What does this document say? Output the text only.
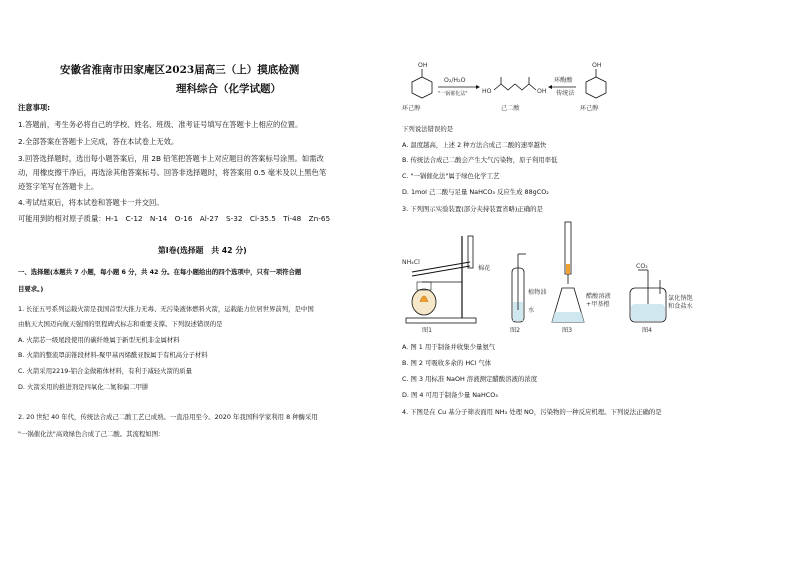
安徽省淮南市田家庵区2023届高三（上）摸底检测
理科综合（化学试题）
注意事项:
1.答题前，考生务必将自己的学校、姓名、班级、准考证号填写在答题卡上相应的位置。
2.全部答案在答题卡上完成，答在本试卷上无效。
3.回答选择题时，选出每小题答案后，用 2B 铅笔把答题卡上对应题目的答案标号涂黑。如需改
动，用橡皮擦干净后，再选涂其他答案标号。回答非选择题时，将答案用 0.5 毫米及以上黑色笔
迹签字笔写在答题卡上。
4.考试结束后，将本试卷和答题卡一并交回。
可能用到的相对原子质量：H-1　C-12　N-14　O-16　Al-27　S-32　Cl-35.5　Ti-48　Zn-65
第Ⅰ卷(选择题　共 42 分)
一、选择题(本题共 7 小题，每小题 6 分，共 42 分。在每小题给出的四个选项中，只有一项符合题
目要求。)
1. 长征五号系列运载火箭是我国首型大推力无毒、无污染液体燃料火箭，运载能力位居世界前列，是中国
由航天大国迈向航天强国的里程碑式标志和重要支撑。下列叙述错误的是
A. 火箭芯一级尾段使用的碳纤维属于新型无机非金属材料
B. 火箭的整流罩前锥段材料-聚甲基丙烯酰亚胺属于有机高分子材料
C. 火箭采用2219-铝合金做箱体材料，有利于减轻火箭的质量
D. 火箭采用的推进剂是四氧化二氮和偏二甲肼
2. 20 世纪 40 年代，传统法合成己二酸工艺已成熟。一直沿用至今。2020 年我国科学家利用 8 种酶采用
"一锅催化法"高效绿色合成了己二酸。其流程如图：
OH
环己醇
O₂/H₂O
"一锅催化法" HO	OH
己二酸
环酶酸
传统法
OH
环己醇
下列说法错误的是
A. 温度越高，上述 2 种方法合成己二酸的速率越快
B. 传统法合成己二酸会产生大气污染物，原子利用率低
C. "一锅催化法"属于绿色化学工艺
D. 1mol 己二酸与足量 NaHCO₃ 反应生成 88gCO₂
3. 下列图示实验装置(部分夹持装置省略)正确的是
NH₄Cl
棉花
图1
植物油
水
图2
醋酸溶液
+甲基橙
图3
CO₂
氯化钠饱
和食盐水
图4
A. 图 1 用于制备并收集少量氨气
B. 图 2 可吸收多余的 HCl 气体
C. 图 3 用标准 NaOH 溶液测定醋酸溶液的浓度
D. 图 4 可用于制备少量 NaHCO₃
4. 下图是在 Cu 基分子筛表面用 NH₃ 处理 NO，污染物的一种反应机理。下列说法正确的是
